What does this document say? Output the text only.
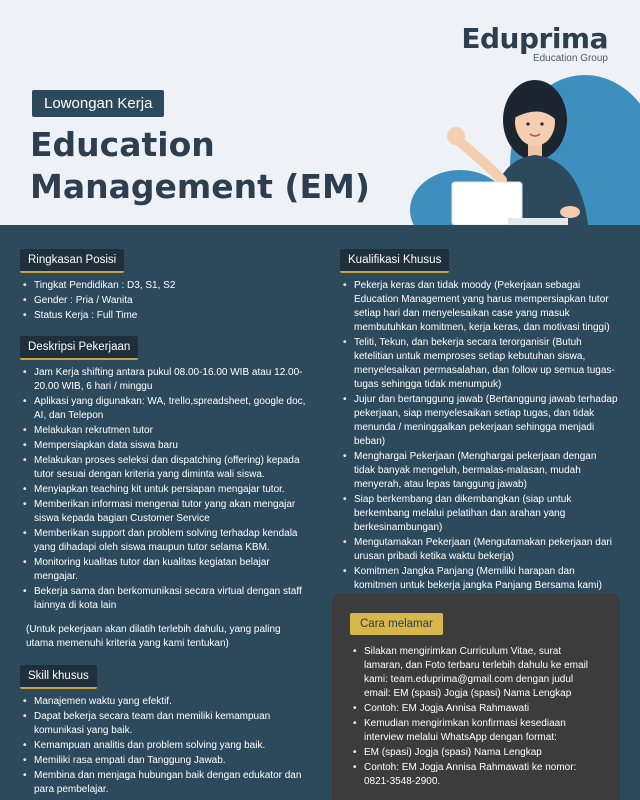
Eduprima
Education Group
Lowongan Kerja
Education
Management (EM)
Ringkasan Posisi
• Tingkat Pendidikan : D3, S1, S2
• Gender : Pria / Wanita
• Status Kerja : Full Time
Deskripsi Pekerjaan
• Jam Kerja shifting antara pukul 08.00-16.00 WIB atau 12.00-20.00 WIB, 6 hari / minggu
• Aplikasi yang digunakan: WA, trello,spreadsheet, google doc, AI, dan Telepon
• Melakukan rekrutmen tutor
• Mempersiapkan data siswa baru
• Melakukan proses seleksi dan dispatching (offering) kepada tutor sesuai dengan kriteria yang diminta wali siswa.
• Menyiapkan teaching kit untuk persiapan mengajar tutor.
• Memberikan informasi mengenai tutor yang akan mengajar siswa kepada bagian Customer Service
• Memberikan support dan problem solving terhadap kendala yang dihadapi oleh siswa maupun tutor selama KBM.
• Monitoring kualitas tutor dan kualitas kegiatan belajar mengajar.
• Bekerja sama dan berkomunikasi secara virtual dengan staff lainnya di kota lain
(Untuk pekerjaan akan dilatih terlebih dahulu, yang paling utama memenuhi kriteria yang kami tentukan)
Skill khusus
• Manajemen waktu yang efektif.
• Dapat bekerja secara team dan memiliki kemampuan komunikasi yang baik.
• Kemampuan analitis dan problem solving yang baik.
• Memiliki rasa empati dan Tanggung Jawab.
• Membina dan menjaga hubungan baik dengan edukator dan para pembelajar.
Kualifikasi Khusus
• Pekerja keras dan tidak moody (Pekerjaan sebagai Education Management yang harus mempersiapkan tutor setiap hari dan menyelesaikan case yang masuk membutuhkan komitmen, kerja keras, dan motivasi tinggi)
• Teliti, Tekun, dan bekerja secara terorganisir (Butuh ketelitian untuk memproses setiap kebutuhan siswa, menyelesaikan permasalahan, dan follow up semua tugas-tugas sehingga tidak menumpuk)
• Jujur dan bertanggung jawab (Bertanggung jawab terhadap pekerjaan, siap menyelesaikan setiap tugas, dan tidak menunda / meninggalkan pekerjaan sehingga menjadi beban)
• Menghargai Pekerjaan (Menghargai pekerjaan dengan tidak banyak mengeluh, bermalas-malasan, mudah menyerah, atau lepas tanggung jawab)
• Siap berkembang dan dikembangkan (siap untuk berkembang melalui pelatihan dan arahan yang berkesinambungan)
• Mengutamakan Pekerjaan (Mengutamakan pekerjaan dari urusan pribadi ketika waktu bekerja)
• Komitmen Jangka Panjang (Memiliki harapan dan komitmen untuk bekerja jangka Panjang Bersama kami)
Cara melamar
• Silakan mengirimkan Curriculum Vitae, surat lamaran, dan Foto terbaru terlebih dahulu ke email kami: team.eduprima@gmail.com dengan judul email: EM (spasi) Jogja (spasi) Nama Lengkap
• Contoh: EM Jogja Annisa Rahmawati
• Kemudian mengirimkan konfirmasi kesediaan interview melalui WhatsApp dengan format:
• EM (spasi) Jogja (spasi) Nama Lengkap
• Contoh: EM Jogja Annisa Rahmawati ke nomor: 0821-3548-2900.
